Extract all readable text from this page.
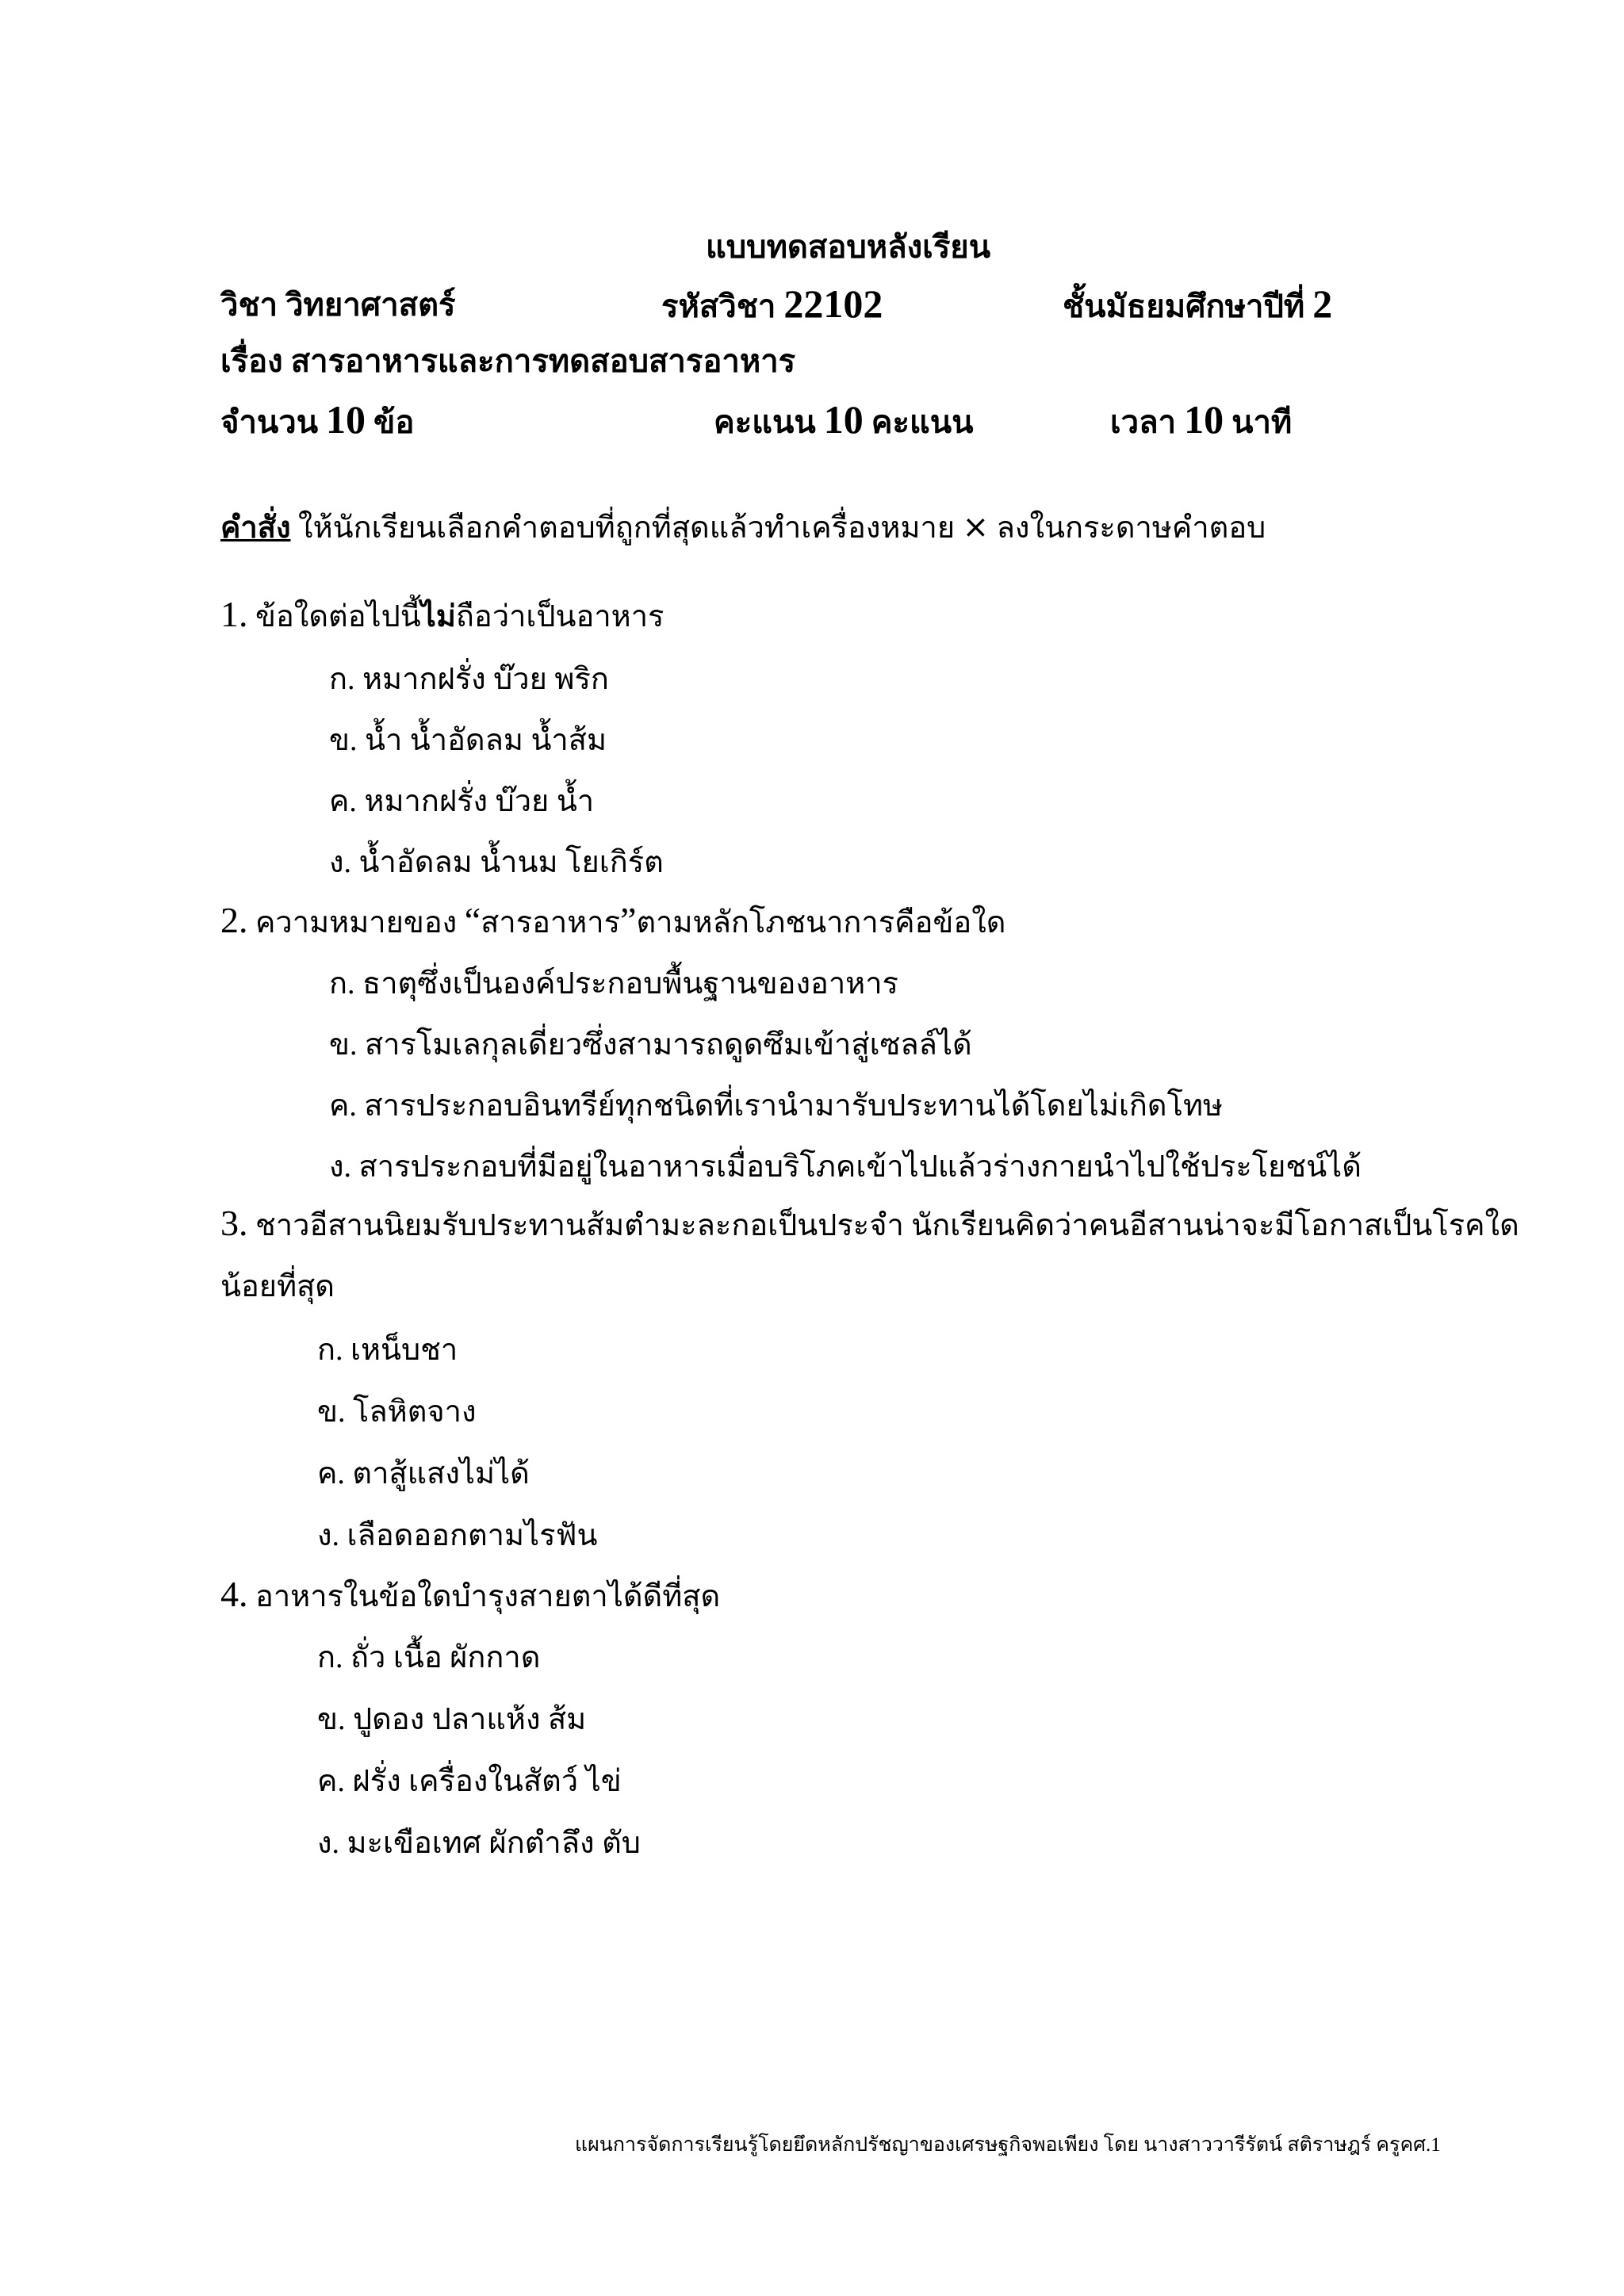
แบบทดสอบหลังเรียน
วิชา วิทยาศาสตร์	รหัสวิชา 22102	ชั้นมัธยมศึกษาปีที่ 2
เรื่อง สารอาหารและการทดสอบสารอาหาร
จำนวน 10 ข้อ	คะแนน 10 คะแนน	เวลา 10 นาที
คำสั่ง ให้นักเรียนเลือกคำตอบที่ถูกที่สุดแล้วทำเครื่องหมาย × ลงในกระดาษคำตอบ
1. ข้อใดต่อไปนี้ไม่ถือว่าเป็นอาหาร
ก. หมากฝรั่ง บ๊วย พริก
ข. น้ำ น้ำอัดลม น้ำส้ม
ค. หมากฝรั่ง บ๊วย น้ำ
ง. น้ำอัดลม น้ำนม โยเกิร์ต
2. ความหมายของ “สารอาหาร”ตามหลักโภชนาการคือข้อใด
ก. ธาตุซึ่งเป็นองค์ประกอบพื้นฐานของอาหาร
ข. สารโมเลกุลเดี่ยวซึ่งสามารถดูดซึมเข้าสู่เซลล์ได้
ค. สารประกอบอินทรีย์ทุกชนิดที่เรานำมารับประทานได้โดยไม่เกิดโทษ
ง. สารประกอบที่มีอยู่ในอาหารเมื่อบริโภคเข้าไปแล้วร่างกายนำไปใช้ประโยชน์ได้
3. ชาวอีสานนิยมรับประทานส้มตำมะละกอเป็นประจำ นักเรียนคิดว่าคนอีสานน่าจะมีโอกาสเป็นโรคใด
น้อยที่สุด
ก. เหน็บชา
ข. โลหิตจาง
ค. ตาสู้แสงไม่ได้
ง. เลือดออกตามไรฟัน
4. อาหารในข้อใดบำรุงสายตาได้ดีที่สุด
ก. ถั่ว เนื้อ ผักกาด
ข. ปูดอง ปลาแห้ง ส้ม
ค. ฝรั่ง เครื่องในสัตว์ ไข่
ง. มะเขือเทศ ผักตำลึง ตับ
แผนการจัดการเรียนรู้โดยยึดหลักปรัชญาของเศรษฐกิจพอเพียง โดย นางสาววารีรัตน์ สติราษฎร์ ครูคศ.1
